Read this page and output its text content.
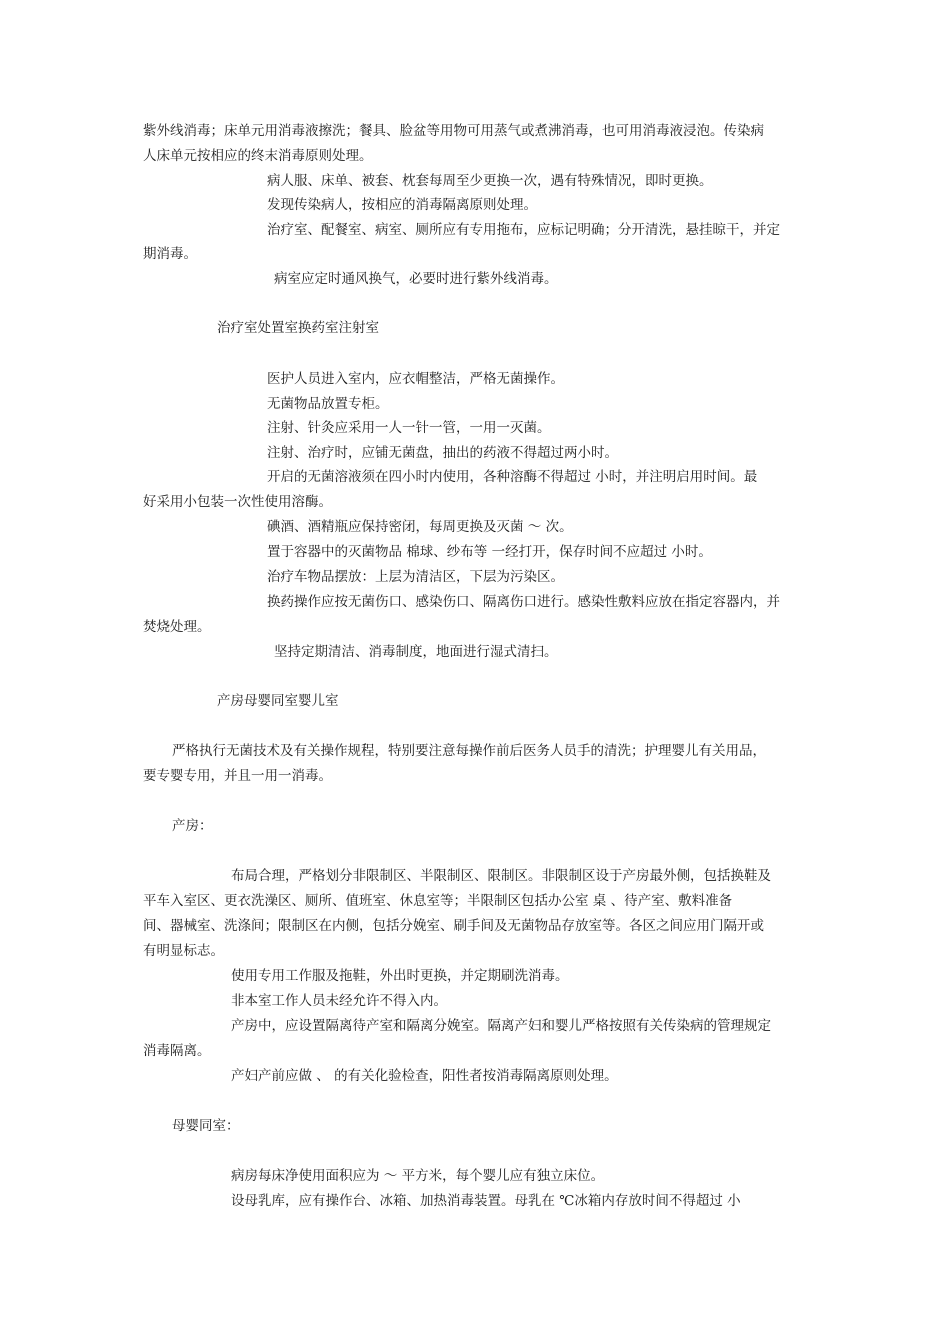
紫外线消毒；床单元用消毒液擦洗；餐具、脸盆等用物可用蒸气或煮沸消毒，也可用消毒液浸泡。传染病
人床单元按相应的终末消毒原则处理。
病人服、床单、被套、枕套每周至少更换一次，遇有特殊情况，即时更换。
发现传染病人，按相应的消毒隔离原则处理。
治疗室、配餐室、病室、厕所应有专用拖布，应标记明确；分开清洗，悬挂晾干，并定
期消毒。
病室应定时通风换气，必要时进行紫外线消毒。
治疗室处置室换药室注射室
医护人员进入室内，应衣帽整洁，严格无菌操作。
无菌物品放置专柜。
注射、针灸应采用一人一针一管，一用一灭菌。
注射、治疗时，应铺无菌盘，抽出的药液不得超过两小时。
开启的无菌溶液须在四小时内使用，各种溶酶不得超过 小时，并注明启用时间。最
好采用小包装一次性使用溶酶。
碘酒、酒精瓶应保持密闭，每周更换及灭菌 ～ 次。
置于容器中的灭菌物品 棉球、纱布等 一经打开，保存时间不应超过 小时。
治疗车物品摆放：上层为清洁区，下层为污染区。
换药操作应按无菌伤口、感染伤口、隔离伤口进行。感染性敷料应放在指定容器内，并
焚烧处理。
坚持定期清洁、消毒制度，地面进行湿式清扫。
产房母婴同室婴儿室
严格执行无菌技术及有关操作规程，特别要注意每操作前后医务人员手的清洗；护理婴儿有关用品，
要专婴专用，并且一用一消毒。
产房：
布局合理，严格划分非限制区、半限制区、限制区。非限制区设于产房最外侧，包括换鞋及
平车入室区、更衣洗澡区、厕所、值班室、休息室等；半限制区包括办公室 桌 、待产室、敷料准备
间、器械室、洗涤间；限制区在内侧，包括分娩室、刷手间及无菌物品存放室等。各区之间应用门隔开或
有明显标志。
使用专用工作服及拖鞋，外出时更换，并定期刷洗消毒。
非本室工作人员未经允许不得入内。
产房中，应设置隔离待产室和隔离分娩室。隔离产妇和婴儿严格按照有关传染病的管理规定
消毒隔离。
产妇产前应做 、 的有关化验检查，阳性者按消毒隔离原则处理。
母婴同室：
病房每床净使用面积应为 ～ 平方米，每个婴儿应有独立床位。
设母乳库，应有操作台、冰箱、加热消毒装置。母乳在 ℃冰箱内存放时间不得超过 小
